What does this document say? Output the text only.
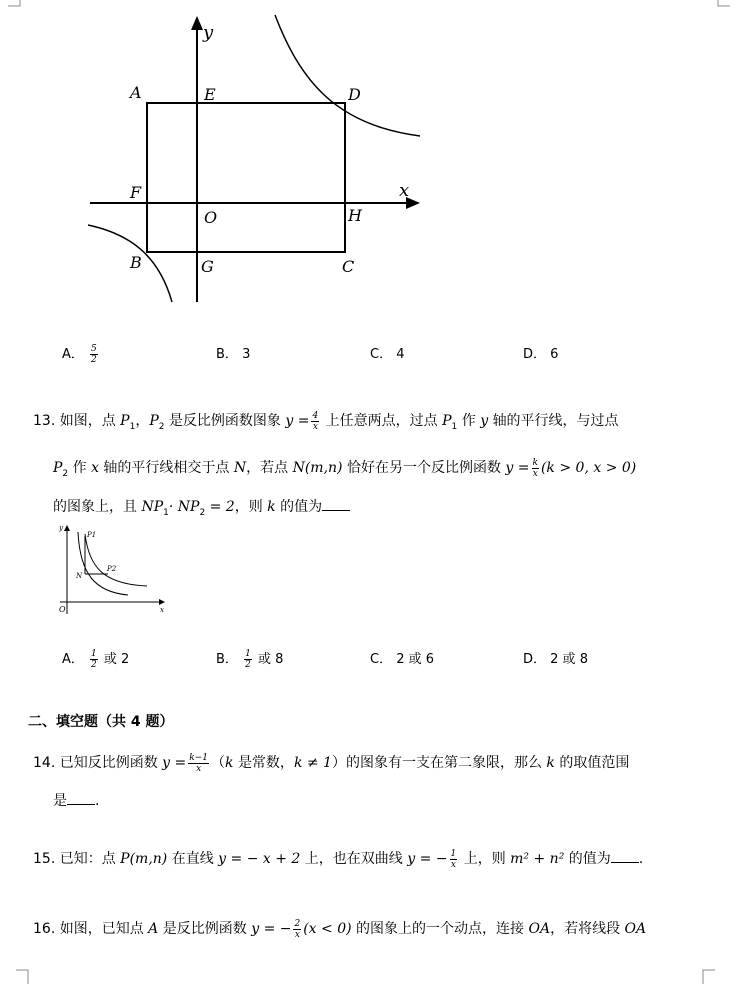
A	E	D
F
O	H
B	G	C
x
y
A． $\frac{5}{2}$	B． 3	C． 4	D． 6
13. 如图，点 $P_1$，$P_2$ 是反比例函数图象 $y = \frac{4}{x}$ 上任意两点，过点 $P_1$ 作 y 轴的平行线，与过点
$P_2$ 作 x 轴的平行线相交于点 N，若点 N(m,n) 恰好在另一个反比例函数 $y = \frac{k}{x} (k > 0$, x > 0)
的图象上，且 $NP_1\cdot NP_2 = 2$，则 k 的值为
y
x
O
N
P1
P2
A． $\frac{1}{2}$ 或 2	B． $\frac{1}{2}$ 或 8	C． 2 或 6	D． 2 或 8
二、填空题（共 4 题）
14. 已知反比例函数 $y = \frac{k-1}{x} (k$ 是常数，k ≠ 1）的图象有一支在第二象限，那么 k 的取值范围
是 .
15. 已知：点 P(m,n) 在直线 y = − x + 2 上，也在双曲线 y = − $\frac{1}{x}$ 上，则 m² + n² 的值为 .
16. 如图，已知点 A 是反比例函数 y = − $\frac{2}{x} (x < 0)$ 的图象上的一个动点，连接 OA，若将线段 OA
